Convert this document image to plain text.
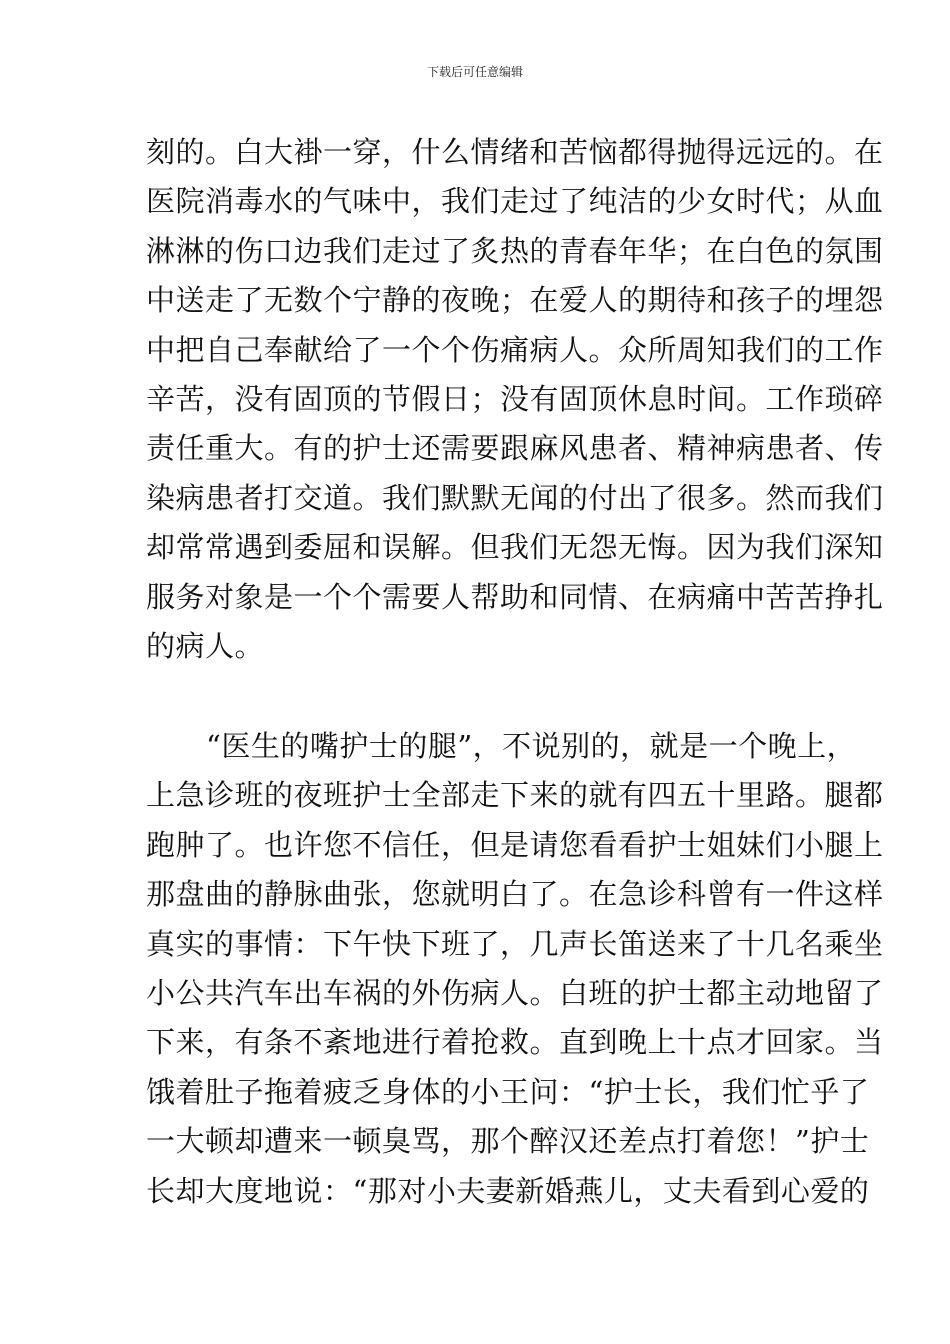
下载后可任意编辑
刻的。白大褂一穿，什么情绪和苦恼都得抛得远远的。在
医院消毒水的气味中，我们走过了纯洁的少女时代；从血
淋淋的伤口边我们走过了炙热的青春年华；在白色的氛围
中送走了无数个宁静的夜晚；在爱人的期待和孩子的埋怨
中把自己奉献给了一个个伤痛病人。众所周知我们的工作
辛苦，没有固顶的节假日；没有固顶休息时间。工作琐碎
责任重大。有的护士还需要跟麻风患者、精神病患者、传
染病患者打交道。我们默默无闻的付出了很多。然而我们
却常常遇到委屈和误解。但我们无怨无悔。因为我们深知
服务对象是一个个需要人帮助和同情、在病痛中苦苦挣扎
的病人。
“医生的嘴护士的腿”，不说别的，就是一个晚上，
上急诊班的夜班护士全部走下来的就有四五十里路。腿都
跑肿了。也许您不信任，但是请您看看护士姐妹们小腿上
那盘曲的静脉曲张，您就明白了。在急诊科曾有一件这样
真实的事情：下午快下班了，几声长笛送来了十几名乘坐
小公共汽车出车祸的外伤病人。白班的护士都主动地留了
下来，有条不紊地进行着抢救。直到晚上十点才回家。当
饿着肚子拖着疲乏身体的小王问：“护士长，我们忙乎了
一大顿却遭来一顿臭骂，那个醉汉还差点打着您！”护士
长却大度地说：“那对小夫妻新婚燕儿，丈夫看到心爱的
